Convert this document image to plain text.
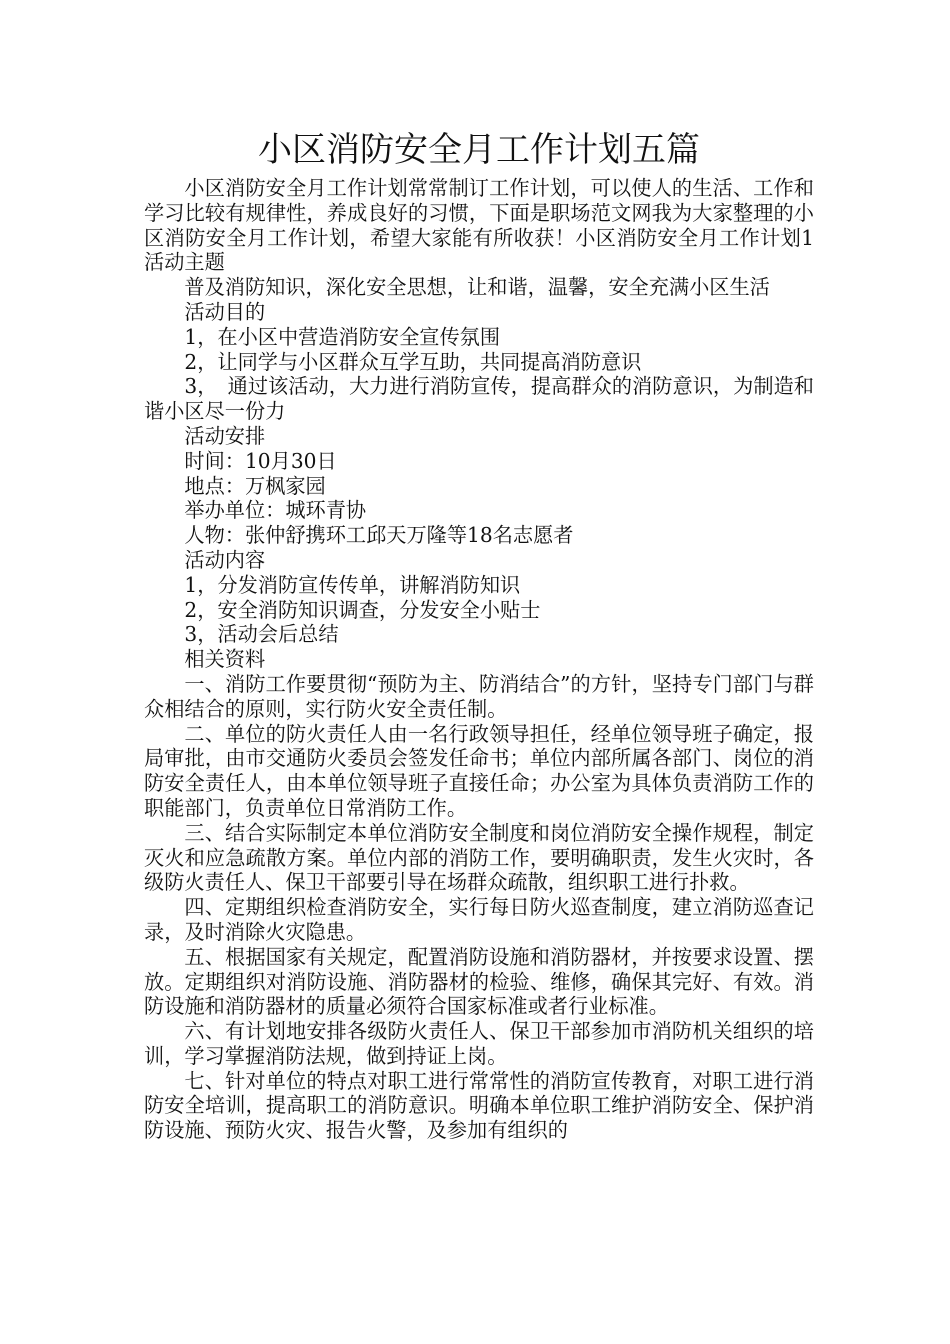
小区消防安全月工作计划五篇

小区消防安全月工作计划常常制订工作计划，可以使人的生活、工作和学习比较有规律性，养成良好的习惯，下面是职场范文网我为大家整理的小区消防安全月工作计划，希望大家能有所收获！小区消防安全月工作计划1活动主题

普及消防知识，深化安全思想，让和谐，温馨，安全充满小区生活

活动目的

1，在小区中营造消防安全宣传氛围

2，让同学与小区群众互学互助，共同提高消防意识

3，　通过该活动，大力进行消防宣传，提高群众的消防意识，为制造和谐小区尽一份力

活动安排

时间：10月30日

地点：万枫家园

举办单位：城环青协

人物：张仲舒携环工邱天万隆等18名志愿者

活动内容

1，分发消防宣传传单，讲解消防知识

2，安全消防知识调查，分发安全小贴士

3，活动会后总结

相关资料

一、消防工作要贯彻“预防为主、防消结合”的方针，坚持专门部门与群众相结合的原则，实行防火安全责任制。

二、单位的防火责任人由一名行政领导担任，经单位领导班子确定，报局审批，由市交通防火委员会签发任命书；单位内部所属各部门、岗位的消防安全责任人，由本单位领导班子直接任命；办公室为具体负责消防工作的职能部门，负责单位日常消防工作。

三、结合实际制定本单位消防安全制度和岗位消防安全操作规程，制定灭火和应急疏散方案。单位内部的消防工作，要明确职责，发生火灾时，各级防火责任人、保卫干部要引导在场群众疏散，组织职工进行扑救。

四、定期组织检查消防安全，实行每日防火巡查制度，建立消防巡查记录，及时消除火灾隐患。

五、根据国家有关规定，配置消防设施和消防器材，并按要求设置、摆放。定期组织对消防设施、消防器材的检验、维修，确保其完好、有效。消防设施和消防器材的质量必须符合国家标准或者行业标准。

六、有计划地安排各级防火责任人、保卫干部参加市消防机关组织的培训，学习掌握消防法规，做到持证上岗。

七、针对单位的特点对职工进行常常性的消防宣传教育，对职工进行消防安全培训，提高职工的消防意识。明确本单位职工维护消防安全、保护消防设施、预防火灾、报告火警，及参加有组织的
